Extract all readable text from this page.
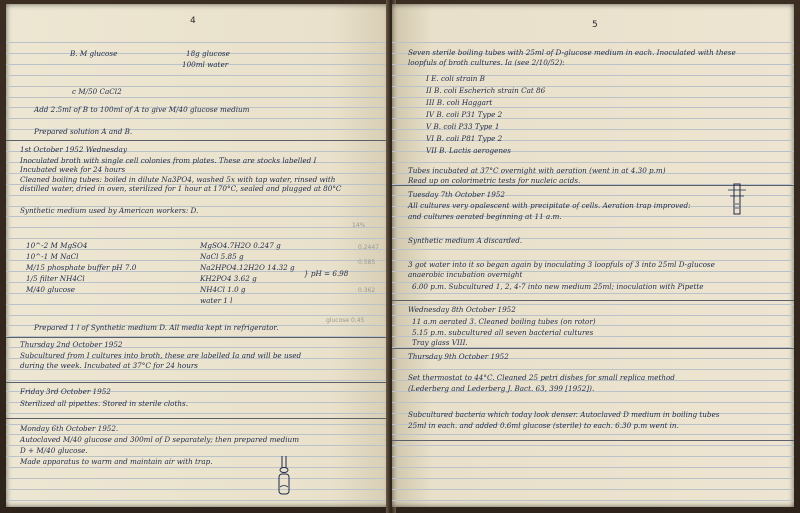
4
B. M glucose	18g glucose
100ml water
c M/50 CaCl2
Add 2.5ml of B to 100ml of A to give M/40 glucose medium
Prepared solution A and B.
1st October 1952 Wednesday
Inoculated broth with single cell colonies from plates. These are stocks labelled I
Incubated week for 24 hours
Cleaned boiling tubes: boiled in dilute Na3PO4, washed 5x with tap water, rinsed with
distilled water, dried in oven, sterilized for 1 hour at 170°C, sealed and plugged at 80°C
Synthetic medium used by American workers: D.
10^-2 M MgSO4
10^-1 M NaCl
M/15 phosphate buffer pH 7.0
1/5 filter NH4Cl
M/40 glucose
MgSO4.7H2O 0.247 g
NaCl 5.85 g
Na2HPO4.12H2O 14.32 g
KH2PO4 3.62 g
NH4Cl 1.0 g
water 1 l
} pH = 6.98
Prepared 1 l of Synthetic medium D. All media kept in refrigerator.
Thursday 2nd October 1952
Subcultured from I cultures into broth, these are labelled Ia and will be used
during the week. Incubated at 37°C for 24 hours
Friday 3rd October 1952
Sterilized all pipettes. Stored in sterile cloths.
Monday 6th October 1952.
Autoclaved M/40 glucose and 300ml of D separately; then prepared medium
D + M/40 glucose.
Made apparatus to warm and maintain air with trap.
14%
0.2447
0.585
0.362
glucose 0.45
5
Seven sterile boiling tubes with 25ml of D-glucose medium in each. Inoculated with these
loopfuls of broth cultures. Ia (see 2/10/52):
I E. coli strain B
II B. coli Escherich strain Cat 86
III B. coli Haggart
IV B. coli P31 Type 2
V B. coli P33 Type 1
VI B. coli P81 Type 2
VII B. Lactis aerogenes
Tubes incubated at 37°C overnight with aeration (went in at 4.30 p.m)
Read up on colorimetric tests for nucleic acids.
Tuesday 7th October 1952
All cultures very opalescent with precipitate of cells. Aeration trap improved:
and cultures aerated beginning at 11 a.m.
Synthetic medium A discarded.
3 got water into it so began again by inoculating 3 loopfuls of 3 into 25ml D-glucose
anaerobic incubation overnight
6.00 p.m. Subcultured 1, 2, 4-7 into new medium 25ml; inoculation with Pipette
Wednesday 8th October 1952
11 a.m aerated 3. Cleaned boiling tubes (on rotor)
5.15 p.m. subcultured all seven bacterial cultures
Tray glass VIII.
Thursday 9th October 1952
Set thermostat to 44°C. Cleaned 25 petri dishes for small replica method
(Lederberg and Lederberg J. Bact. 63, 399 [1952]).
Subcultured bacteria which today look denser. Autoclaved D medium in boiling tubes
25ml in each. and added 0.6ml glucose (sterile) to each. 6.30 p.m went in.
